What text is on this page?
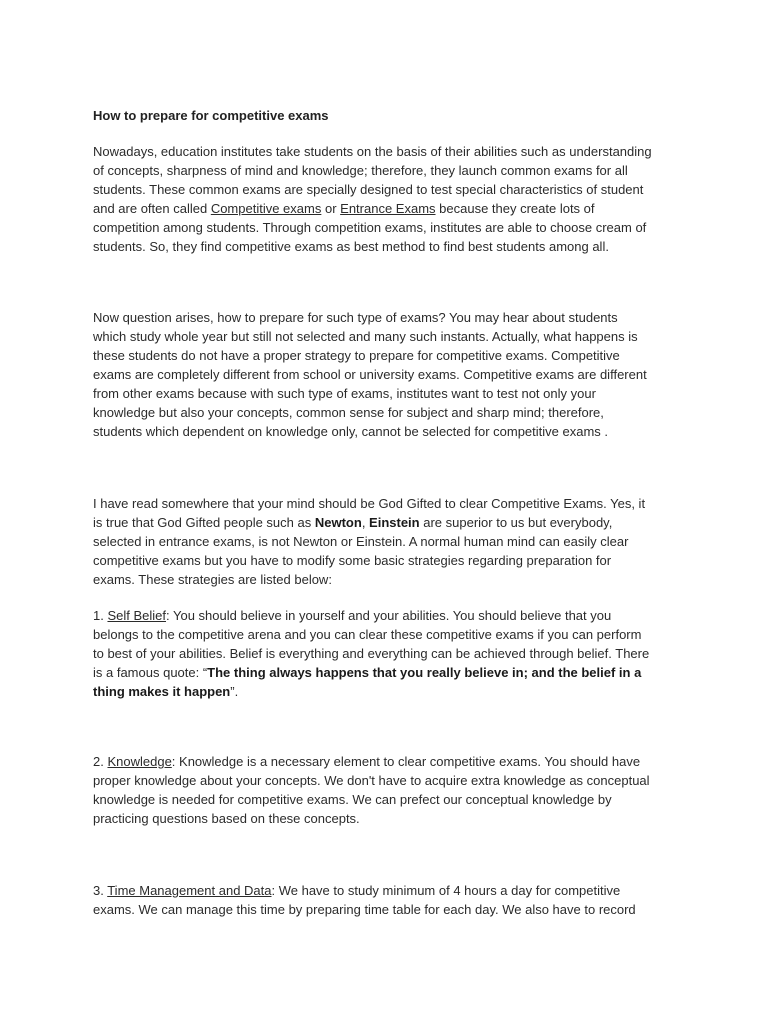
How to prepare for competitive exams
Nowadays, education institutes take students on the basis of their abilities such as understanding
of concepts, sharpness of mind and knowledge; therefore, they launch common exams for all
students. These common exams are specially designed to test special characteristics of student
and are often called Competitive exams or Entrance Exams because they create lots of
competition among students. Through competition exams, institutes are able to choose cream of
students. So, they find competitive exams as best method to find best students among all.
Now question arises, how to prepare for such type of exams? You may hear about students
which study whole year but still not selected and many such instants. Actually, what happens is
these students do not have a proper strategy to prepare for competitive exams. Competitive
exams are completely different from school or university exams. Competitive exams are different
from other exams because with such type of exams, institutes want to test not only your
knowledge but also your concepts, common sense for subject and sharp mind; therefore,
students which dependent on knowledge only, cannot be selected for competitive exams .
I have read somewhere that your mind should be God Gifted to clear Competitive Exams. Yes, it
is true that God Gifted people such as Newton, Einstein are superior to us but everybody,
selected in entrance exams, is not Newton or Einstein. A normal human mind can easily clear
competitive exams but you have to modify some basic strategies regarding preparation for
exams. These strategies are listed below:
1. Self Belief: You should believe in yourself and your abilities. You should believe that you
belongs to the competitive arena and you can clear these competitive exams if you can perform
to best of your abilities. Belief is everything and everything can be achieved through belief. There
is a famous quote: “The thing always happens that you really believe in; and the belief in a
thing makes it happen”.
2. Knowledge: Knowledge is a necessary element to clear competitive exams. You should have
proper knowledge about your concepts. We don't have to acquire extra knowledge as conceptual
knowledge is needed for competitive exams. We can prefect our conceptual knowledge by
practicing questions based on these concepts.
3. Time Management and Data: We have to study minimum of 4 hours a day for competitive
exams. We can manage this time by preparing time table for each day. We also have to record
